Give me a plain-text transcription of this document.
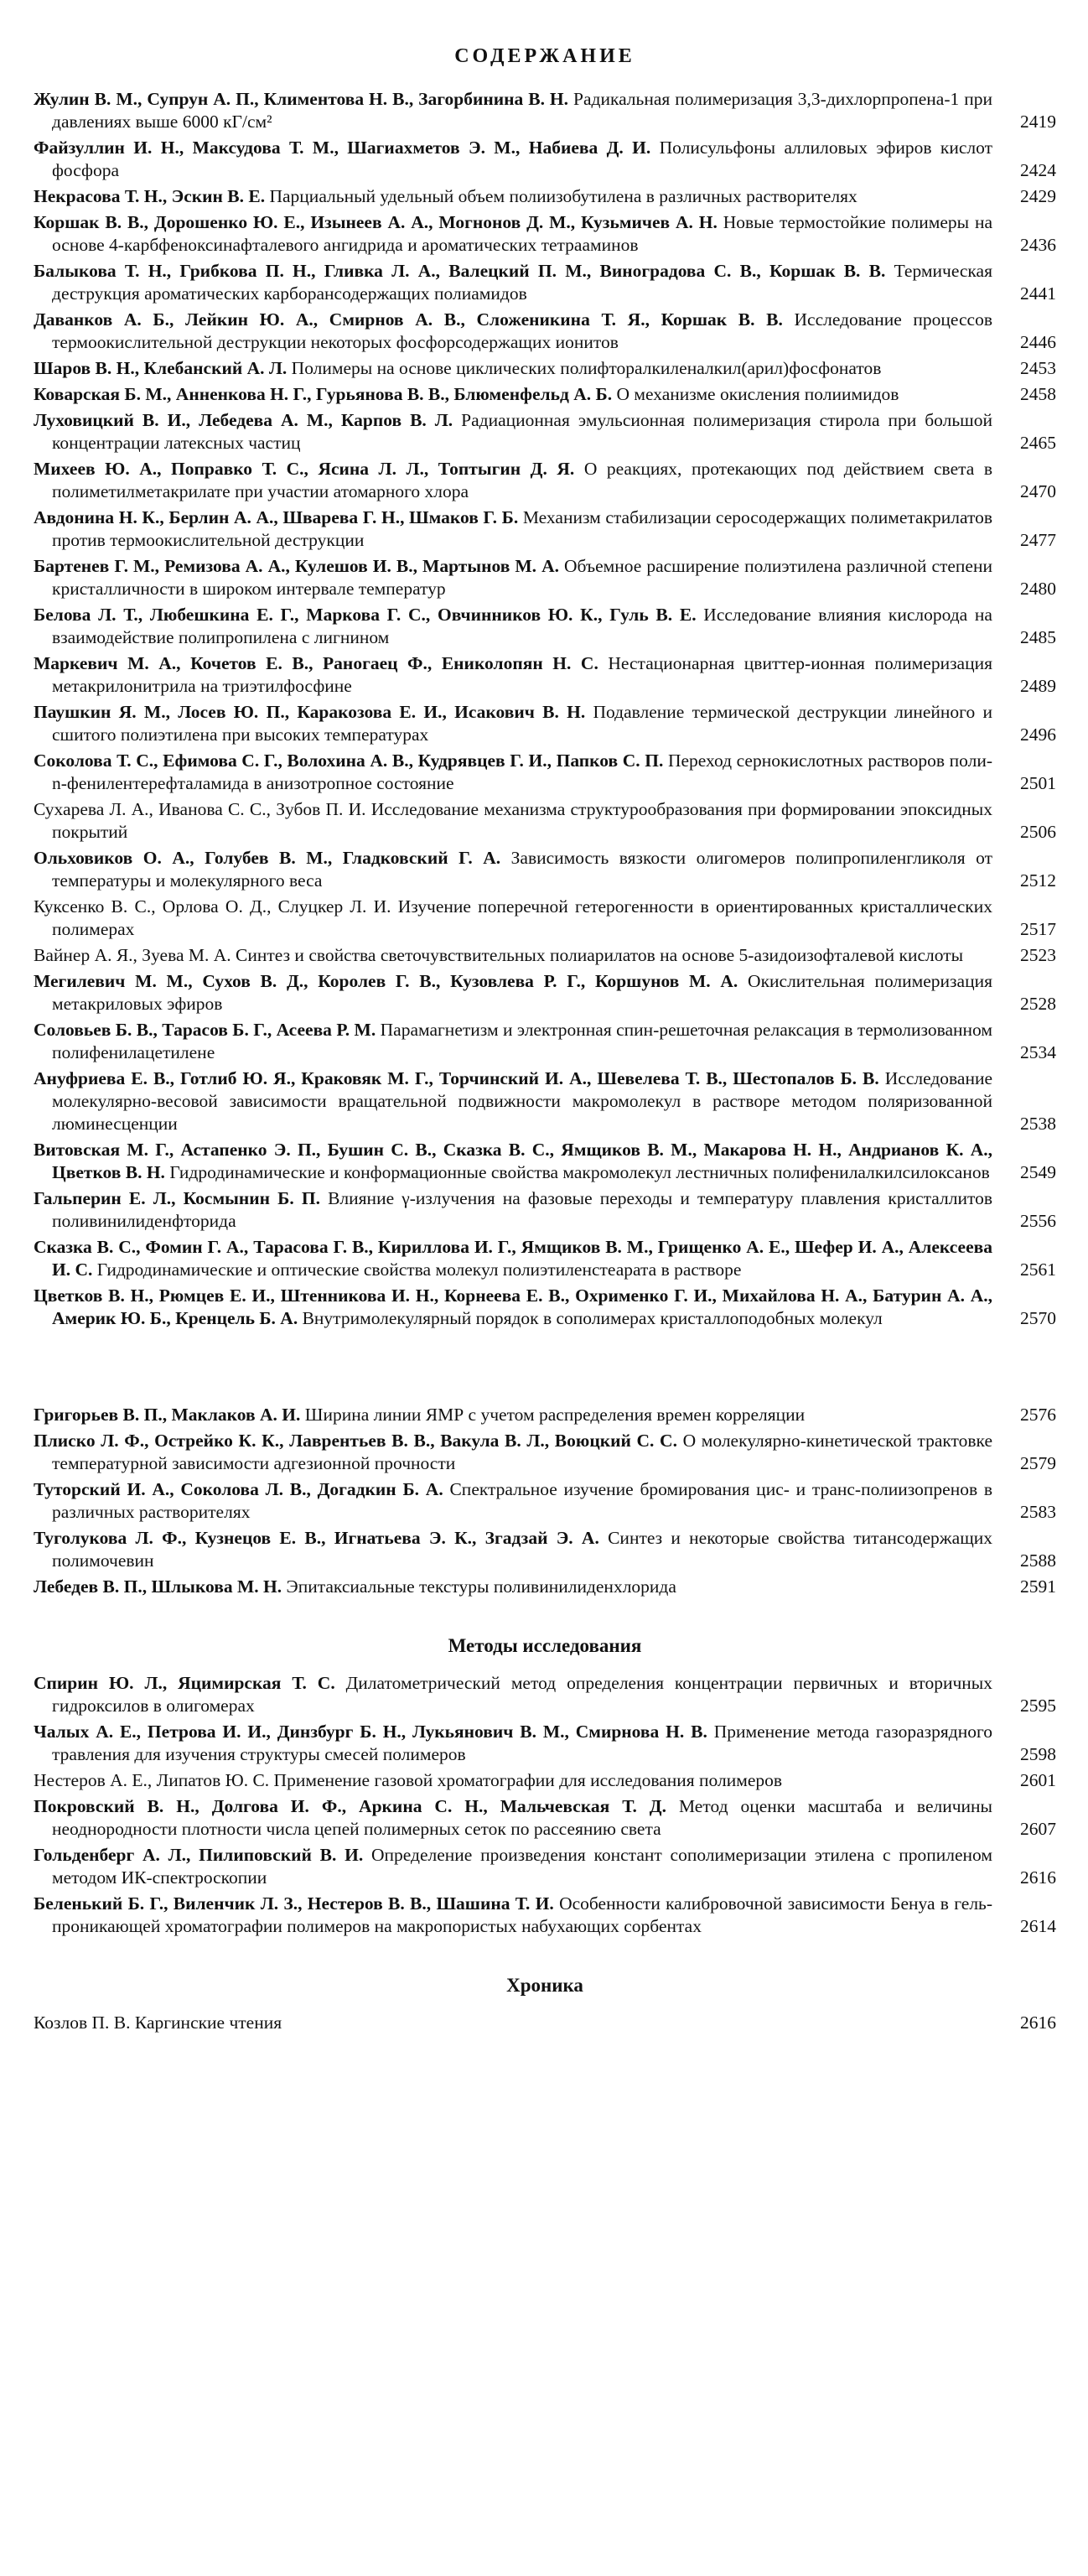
СОДЕРЖАНИЕ
Жулин В. М., Супрун А. П., Климентова Н. В., Загорбинина В. Н. Радикальная полимеризация 3,3-дихлорпропена-1 при давлениях выше 6000 кГ/см²	2419
Файзуллин И. Н., Максудова Т. М., Шагиахметов Э. М., Набиева Д. И. Полисульфоны аллиловых эфиров кислот фосфора	2424
Некрасова Т. Н., Эскин В. Е. Парциальный удельный объем полиизобутилена в различных растворителях	2429
Коршак В. В., Дорошенко Ю. Е., Изынеев А. А., Могнонов Д. М., Кузьмичев А. Н. Новые термостойкие полимеры на основе 4-карбфеноксинафталевого ангидрида и ароматических тетрааминов	2436
Балыкова Т. Н., Грибкова П. Н., Гливка Л. А., Валецкий П. М., Виноградова С. В., Коршак В. В. Термическая деструкция ароматических карборансодержащих полиамидов	2441
Даванков А. Б., Лейкин Ю. А., Смирнов А. В., Сложеникина Т. Я., Коршак В. В. Исследование процессов термоокислительной деструкции некоторых фосфорсодержащих ионитов	2446
Шаров В. Н., Клебанский А. Л. Полимеры на основе циклических полифторалкиленалкил(арил)фосфонатов	2453
Коварская Б. М., Анненкова Н. Г., Гурьянова В. В., Блюменфельд А. Б. О механизме окисления полиимидов	2458
Луховицкий В. И., Лебедева А. М., Карпов В. Л. Радиационная эмульсионная полимеризация стирола при большой концентрации латексных частиц	2465
Михеев Ю. А., Поправко Т. С., Ясина Л. Л., Топтыгин Д. Я. О реакциях, протекающих под действием света в полиметилметакрилате при участии атомарного хлора	2470
Авдонина Н. К., Берлин А. А., Шварева Г. Н., Шмаков Г. Б. Механизм стабилизации серосодержащих полиметакрилатов против термоокислительной деструкции	2477
Бартенев Г. М., Ремизова А. А., Кулешов И. В., Мартынов М. А. Объемное расширение полиэтилена различной степени кристалличности в широком интервале температур	2480
Белова Л. Т., Любешкина Е. Г., Маркова Г. С., Овчинников Ю. К., Гуль В. Е. Исследование влияния кислорода на взаимодействие полипропилена с лигнином	2485
Маркевич М. А., Кочетов Е. В., Раногаец Ф., Ениколопян Н. С. Нестационарная цвиттер-ионная полимеризация метакрилонитрила на триэтилфосфине	2489
Паушкин Я. М., Лосев Ю. П., Каракозова Е. И., Исакович В. Н. Подавление термической деструкции линейного и сшитого полиэтилена при высоких температурах	2496
Соколова Т. С., Ефимова С. Г., Волохина А. В., Кудрявцев Г. И., Папков С. П. Переход сернокислотных растворов поли-n-фенилентерефталамида в анизотропное состояние	2501
Сухарева Л. А., Иванова С. С., Зубов П. И. Исследование механизма структурообразования при формировании эпоксидных покрытий	2506
Ольховиков О. А., Голубев В. М., Гладковский Г. А. Зависимость вязкости олигомеров полипропиленгликоля от температуры и молекулярного веса	2512
Куксенко В. С., Орлова О. Д., Слуцкер Л. И. Изучение поперечной гетерогенности в ориентированных кристаллических полимерах	2517
Вайнер А. Я., Зуева М. А. Синтез и свойства светочувствительных полиарилатов на основе 5-азидоизофталевой кислоты	2523
Мегилевич М. М., Сухов В. Д., Королев Г. В., Кузовлева Р. Г., Коршунов М. А. Окислительная полимеризация метакриловых эфиров	2528
Соловьев Б. В., Тарасов Б. Г., Асеева Р. М. Парамагнетизм и электронная спин-решеточная релаксация в термолизованном полифенилацетилене	2534
Ануфриева Е. В., Готлиб Ю. Я., Краковяк М. Г., Торчинский И. А., Шевелева Т. В., Шестопалов Б. В. Исследование молекулярно-весовой зависимости вращательной подвижности макромолекул в растворе методом поляризованной люминесценции	2538
Витовская М. Г., Астапенко Э. П., Бушин С. В., Сказка В. С., Ямщиков В. М., Макарова Н. Н., Андрианов К. А., Цветков В. Н. Гидродинамические и конформационные свойства макромолекул лестничных полифенилалкилсилоксанов	2549
Гальперин Е. Л., Космынин Б. П. Влияние γ-излучения на фазовые переходы и температуру плавления кристаллитов поливинилиденфторида	2556
Сказка В. С., Фомин Г. А., Тарасова Г. В., Кириллова И. Г., Ямщиков В. М., Грищенко А. Е., Шефер И. А., Алексеева И. С. Гидродинамические и оптические свойства молекул полиэтиленстеарата в растворе	2561
Цветков В. Н., Рюмцев Е. И., Штенникова И. Н., Корнеева Е. В., Охрименко Г. И., Михайлова Н. А., Батурин А. А., Америк Ю. Б., Кренцель Б. А. Внутримолекулярный порядок в сополимерах кристаллоподобных молекул	2570
Григорьев В. П., Маклаков А. И. Ширина линии ЯМР с учетом распределения времен корреляции	2576
Плиско Л. Ф., Острейко К. К., Лаврентьев В. В., Вакула В. Л., Воюцкий С. С. О молекулярно-кинетической трактовке температурной зависимости адгезионной прочности	2579
Туторский И. А., Соколова Л. В., Догадкин Б. А. Спектральное изучение бромирования цис- и транс-полиизопренов в различных растворителях	2583
Туголукова Л. Ф., Кузнецов Е. В., Игнатьева Э. К., Згадзай Э. А. Синтез и некоторые свойства титансодержащих полимочевин	2588
Лебедев В. П., Шлыкова М. Н. Эпитаксиальные текстуры поливинилиденхлорида	2591
Методы исследования
Спирин Ю. Л., Яцимирская Т. С. Дилатометрический метод определения концентрации первичных и вторичных гидроксилов в олигомерах	2595
Чалых А. Е., Петрова И. И., Динзбург Б. Н., Лукьянович В. М., Смирнова Н. В. Применение метода газоразрядного травления для изучения структуры смесей полимеров	2598
Нестеров А. Е., Липатов Ю. С. Применение газовой хроматографии для исследования полимеров	2601
Покровский В. Н., Долгова И. Ф., Аркина С. Н., Мальчевская Т. Д. Метод оценки масштаба и величины неоднородности плотности числа цепей полимерных сеток по рассеянию света	2607
Гольденберг А. Л., Пилиповский В. И. Определение произведения констант сополимеризации этилена с пропиленом методом ИК-спектроскопии	2616
Беленький Б. Г., Виленчик Л. З., Нестеров В. В., Шашина Т. И. Особенности калибровочной зависимости Бенуа в гель-проникающей хроматографии полимеров на макропористых набухающих сорбентах	2614
Хроника
Козлов П. В. Каргинские чтения	2616
